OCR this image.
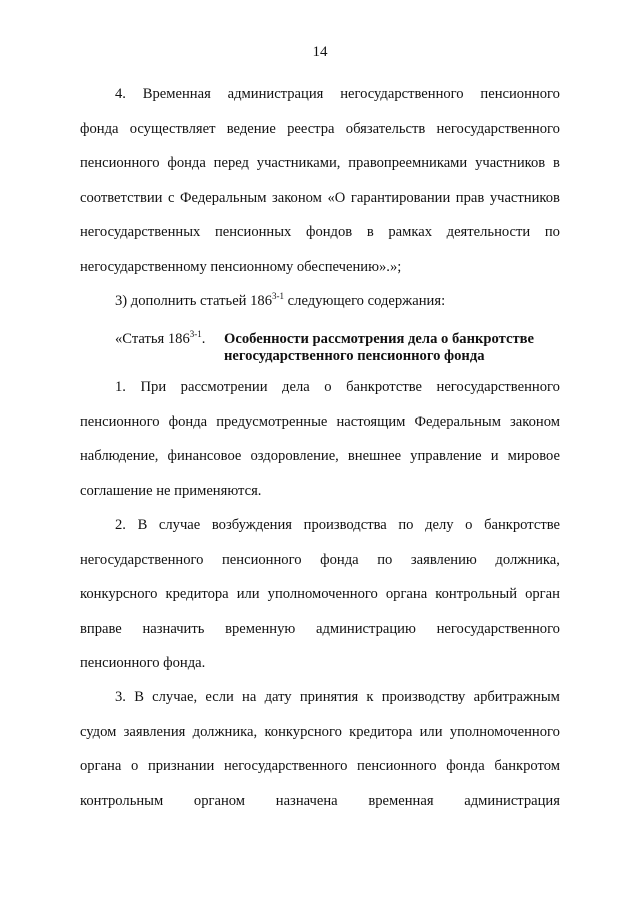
14
4. Временная администрация негосударственного пенсионного
фонда осуществляет ведение реестра обязательств негосударственного
пенсионного фонда перед участниками, правопреемниками участников в
соответствии с Федеральным законом «О гарантировании прав участников
негосударственных пенсионных фондов в рамках деятельности по
негосударственному пенсионному обеспечению».»;
3) дополнить статьей 186$^{3-1}$ следующего содержания:
«Статья 186$^{3-1}$. Особенности рассмотрения дела о банкротстве
негосударственного пенсионного фонда
1. При рассмотрении дела о банкротстве негосударственного
пенсионного фонда предусмотренные настоящим Федеральным законом
наблюдение, финансовое оздоровление, внешнее управление и мировое
соглашение не применяются.
2. В случае возбуждения производства по делу о банкротстве
негосударственного пенсионного фонда по заявлению должника,
конкурсного кредитора или уполномоченного органа контрольный орган
вправе назначить временную администрацию негосударственного
пенсионного фонда.
3. В случае, если на дату принятия к производству арбитражным
судом заявления должника, конкурсного кредитора или уполномоченного
органа о признании негосударственного пенсионного фонда банкротом
контрольным органом назначена временная администрация
